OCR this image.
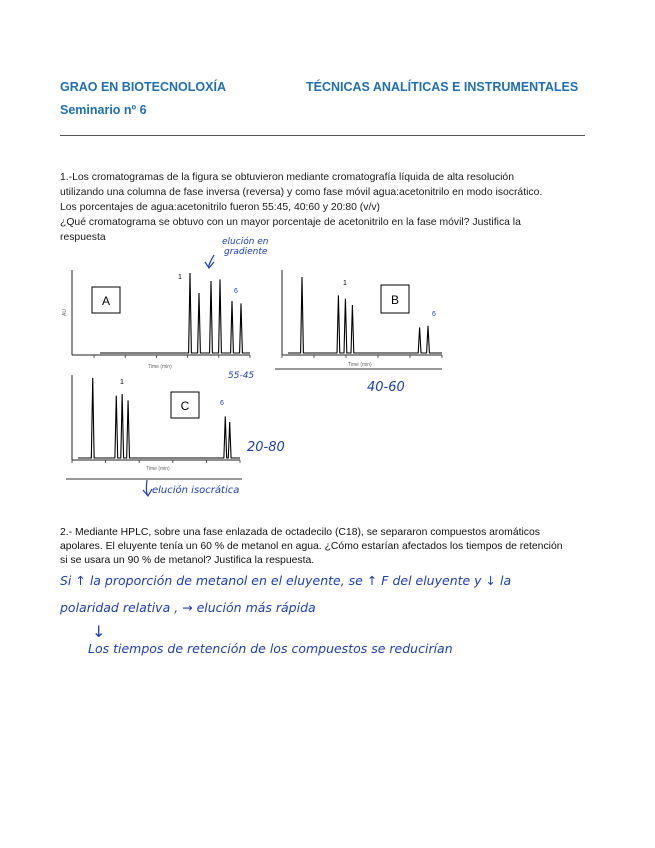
GRAO EN BIOTECNOLOXÍA	TÉCNICAS ANALÍTICAS E INSTRUMENTALES
Seminario nº 6

1.-Los cromatogramas de la figura se obtuvieron mediante cromatografía líquida de alta resolución

utilizando una columna de fase inversa (reversa) y como fase móvil agua:acetonitrilo en modo isocrático.

Los porcentajes de agua:acetonitrilo fueron 55:45, 40:60 y 20:80 (v/v)

¿Qué cromatograma se obtuvo con un mayor porcentaje de acetonitrilo en la fase móvil? Justifica la

respuesta

A
1
6
Time (min)
AU
B
1
6
Time (min)
C
1
6
Time (min)
elución en
gradiente
55-45
40-60
20-80
elución isocrática

2.- Mediante HPLC, sobre una fase enlazada de octadecilo (C18), se separaron compuestos aromáticos

apolares. El eluyente tenía un 60 % de metanol en agua. ¿Cómo estarían afectados los tiempos de retención

si se usara un 90 % de metanol? Justifica la respuesta.

Si ↑ la proporción de metanol en el eluyente, se ↑ F del eluyente y ↓ la
polaridad relativa , → elución más rápida
↓
Los tiempos de retención de los compuestos se reducirían
